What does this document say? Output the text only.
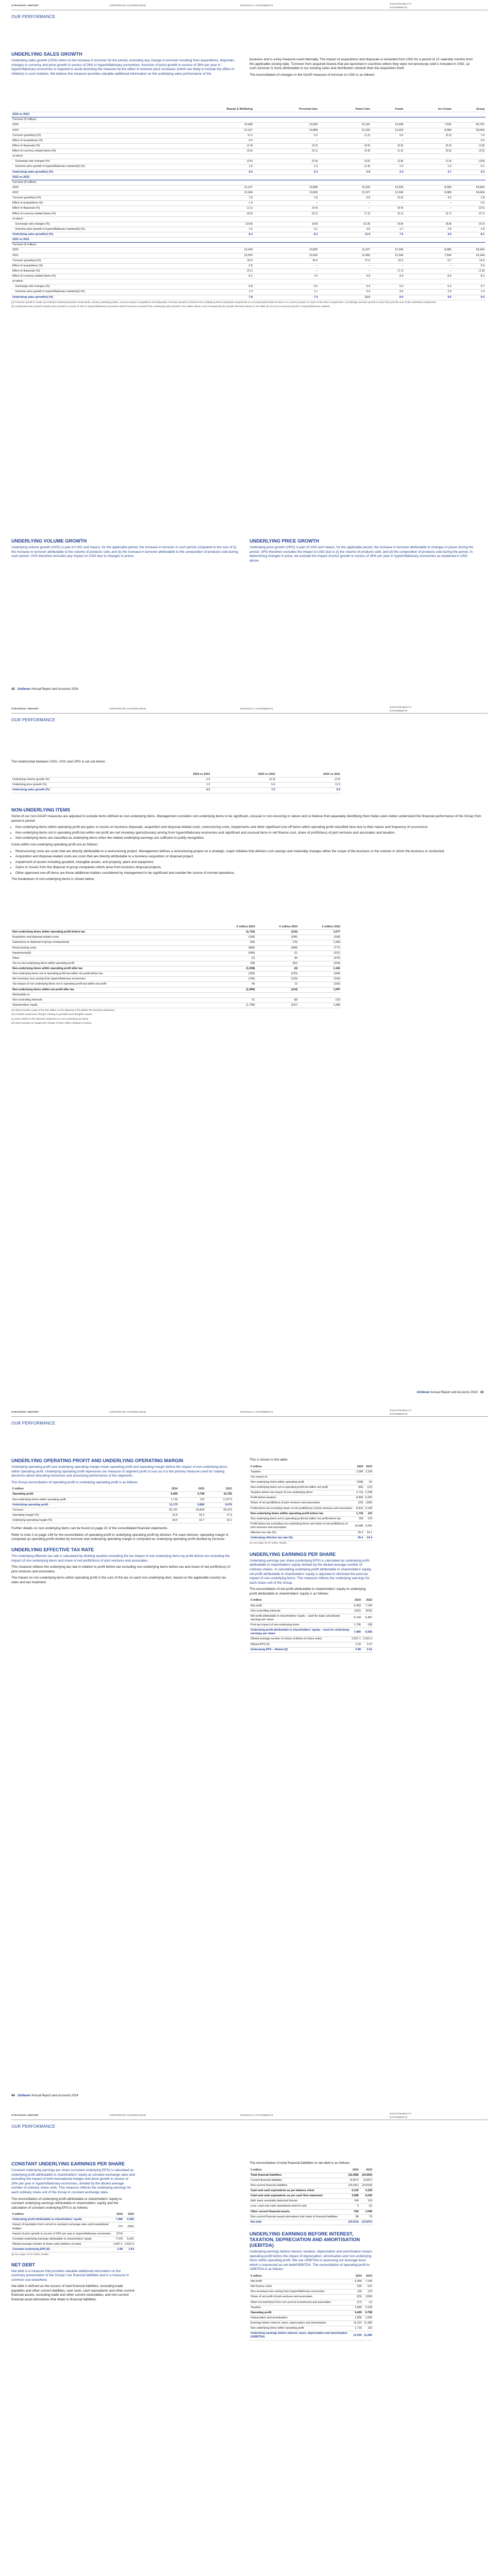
STRATEGIC REPORT	CORPORATE GOVERNANCE	FINANCIAL STATEMENTS
SUSTAINABILITY STATEMENTS
OUR PERFORMANCE
UNDERLYING SALES GROWTH

Underlying sales growth (USG) refers to the increase in turnover for the period, excluding any change in turnover resulting from acquisitions, disposals, changes in currency and price growth in excess of 26% in hyperinflationary economies. Inclusion of price growth in excess of 26% per year in hyperinflationary economies is required to avoid distorting the measure by the effect of extreme price increases (which are likely to include the effect of inflation) in such markets. We believe this measure provides valuable additional information on the underlying sales performance of the

business and is a key measure used internally. The impact of acquisitions and disposals is excluded from USG for a period of 12 calendar months from the applicable closing date. Turnover from acquired brands that are launched in countries where they were not previously sold is included in USG, as such turnover is more attributable to our existing sales and distribution network than the acquisition itself.

The reconciliation of changes in the GAAP measure of turnover to USG is as follows:

	Beauty & Wellbeing	Personal Care	Home Care	Foods	Ice Cream	Group
2024 vs 2023						
Turnover (€ million)						
2024	13,468	13,829	12,181	13,208	7,925	60,761
2023	12,107	13,808	12,333	13,203	8,083	59,604
Turnover growth(a) (%)	11.2	0.2	(1.2)	0.0	(2.0)	1.9
Effect of acquisitions (%)	0.0	–	–	–	–	0.0
Effect of disposals (%)	(1.4)	(0.3)	(0.9)	(0.9)	(0.3)	(1.8)
Effect of currency-related items (%)	(0.6)	(5.1)	(4.4)	(1.6)	(0.6)	(3.5)
of which:						
Exchange rate changes (%)	(2.6)	(5.9)	(3.6)	(2.8)	(1.9)	(3.8)
Extreme price growth in hyperinflationary markets(b) (%)	1.6	1.3	(1.4)	1.5	1.6	0.1
Underlying sales growth(c) (%)	6.5	5.3	2.9	3.4	3.7	4.2
2023 vs 2022						
Turnover (€ million)						
2023	12,107	13,808	12,333	13,203	8,083	59,604
2022	12,049	13,835	12,227	12,345	8,080	59,604
Turnover growth(a) (%)	1.8	1.8	0.9	(0.6)	4.2	1.8
Effect of acquisitions (%)	1.4	–	–	–	–	0.6
Effect of disposals (%)	(1.1)	(0.4)	–	(6.4)	–	(2.5)
Effect of currency-related items (%)	(6.0)	(9.1)	(7.2)	(5.1)	(2.7)	(5.7)
of which:						
Exchange rate changes (%)	(10.8)	(8.8)	(11.8)	(6.8)	(5.8)	(9.2)
Extreme price growth in hyperinflationary markets(b) (%)	1.5	3.1	3.6	1.7	2.8	2.8
Underlying sales growth(c) (%)	8.3	8.3	11.9	7.5	4.4	8.1
2022 vs 2021						
Turnover (€ million)						
2022	12,049	13,835	12,227	12,345	8,080	59,604
2021	12,053	13,626	12,460	12,349	7,504	52,444
Turnover growth(a) (%)	20.0	16.0	17.0	16.2	9.7	14.5
Effect of acquisitions (%)	2.8	–	–	–	–	0.6
Effect of disposals (%)	(0.1)	–	–	(7.1)	–	(1.8)
Effect of currency-related items (%)	8.1	7.6	6.9	9.4	8.4	8.1
of which:						
Exchange rate changes (%)	6.8	6.5	6.4	5.6	6.2	6.7
Extreme price growth in hyperinflationary markets(b) (%)	1.3	1.1	0.4	3.5	2.0	1.4
Underlying sales growth(c) (%)	7.8	7.9	11.6	8.4	9.6	9.0
(a) Turnover growth is made up of distinct individual growth components, namely underlying sales, currency impact, acquisitions and disposals. Turnover growth is arrived at by multiplying these individual components on a compounded basis as there is a currency impact on each of the other components. Accordingly, turnover growth is more than just the sum of the individual components.
(b) Underlying sales growth includes price growth in excess of 26% in hyperinflationary economies which has been excluded from underlying sales growth in the tables above, and consequently the growth elements shown in the table do not sum to turnover growth in hyperinflationary markets.
UNDERLYING VOLUME GROWTH

Underlying volume growth (UVG) is part of USG and means, for the applicable period, the increase in turnover in such period compared to the sum of (i) the increase in turnover attributable to the volume of products sold; and (ii) the increase in turnover attributable to the composition of products sold during such period. UVG therefore excludes any impact on USG due to changes in prices.

UNDERLYING PRICE GROWTH

Underlying price growth (UPG) is part of USG and means, for the applicable period, the increase in turnover attributable to changes in prices during the period. UPG therefore excludes the impact to USG due to (i) the volume of products sold; and (ii) the composition of products sold during the period. In determining changes in price, we exclude the impact of price growth in excess of 26% per year in hyperinflationary economies as explained in USG above.

42 Unilever Annual Report and Accounts 2024
STRATEGIC REPORT	CORPORATE GOVERNANCE	FINANCIAL STATEMENTS
SUSTAINABILITY STATEMENTS
OUR PERFORMANCE

The relationship between USG, UVG and UPG is set out below:

	2024 vs 2023	2023 vs 2022	2022 vs 2021
Underlying volume growth (%)	2.9	(2.3)	(2.5)
Underlying price growth (%)	1.3	6.6	11.3
Underlying sales growth (%)	4.2	7.0	9.0
NON-UNDERLYING ITEMS

Some of our non-GAAP measures are adjusted to exclude items defined as non-underlying items. Management considers non-underlying items to be significant, unusual or non-recurring in nature and so believe that separately identifying them helps users better understand the financial performance of the Group from period to period:

• Non-underlying items within operating profit are gains or losses on business disposals, acquisition and disposal-related costs, restructuring costs, impairments and other significant one-off items within operating profit classified here due to their nature and frequency of occurrence.
• Non-underlying items not in operating profit but within net profit are net monetary gains/(losses) arising from hyperinflationary economies and significant and unusual items in net finance cost, share of profit/(loss) of joint ventures and associates and taxation.
• Non-underlying items are classified as underlying items when the related underlying earnings are sufficient to justify recognition.

Costs within non-underlying operating profit are as follows:

• Restructuring costs are costs that are directly attributable to a restructuring project. Management defines a restructuring project as a strategic, major initiative that delivers cost savings and materially changes either the scope of the business or the manner in which the business is conducted.
• Acquisition and disposal-related costs are costs that are directly attributable to a business acquisition or disposal project.
• Impairment of assets including goodwill, intangible assets, and property, plant and equipment.
• Gains or losses from the disposal of group companies which arise from business disposal projects.
• Other approved one-off items are those additional matters considered by management to be significant and outside the course of normal operations.

The breakdown of non-underlying items is shown below:

	€ million 2024	€ million 2023	€ million 2022
Non-underlying items within operating profit before tax	(1,716)	(110)	1,077
Acquisition and disposal-related costs	(148)	(245)	(198)
Gain/(loss) on disposal of group companies(a)	(46)	(75)	2,283
Restructuring costs	(889)	(499)	(777)
Impairments(b)	(558)	(1)	(221)
Other	(2)	90	(270)
Tax on non-underlying items within operating profit	208	(62)	(224)
Non-underlying items within operating profit after tax	(1,508)	(4)	1,181
Non-underlying items not in operating profit but within net profit before tax	(156)	(123)	(184)
Net monetary loss arising from hyperinflationary economies	(156)	(123)	(104)
Tax impact of non-underlying items not in operating profit but within net profit	66	13	(100)
Non-underlying items within net profit after tax	(1,596)	(114)	1,097
Attributable to:			
Non-controlling interests	21	(8)	(19)
Shareholders' equity	(1,798)	(167)	1,085
(a) 2022 includes a gain of €2,283 million on the disposal of the global Tea business (ekaterra).
(b) Includes impairment charges relating to goodwill and intangible assets.
(c) 2022 relates to the statutory statement on non-underlying tax items.
(d) 2024 includes an impairment charge of €101 million relating to Russia.
Unilever Annual Report and Accounts 2024 43
STRATEGIC REPORT	CORPORATE GOVERNANCE	FINANCIAL STATEMENTS
SUSTAINABILITY STATEMENTS
OUR PERFORMANCE
UNDERLYING OPERATING PROFIT AND UNDERLYING OPERATING MARGIN

Underlying operating profit and underlying operating margin mean operating profit and operating margin before the impact of non-underlying items within operating profit. Underlying operating profit represents our measure of segment profit or loss as it is the primary measure used for making decisions about allocating resources and assessing performance of the segments.

The Group reconciliation of operating profit to underlying operating profit is as follows:

€ million	2024	2023	2022
Operating profit	9,459	9,758	10,755
Non-underlying items within operating profit	1,716	110	(1,077)
Underlying operating profit	11,175	9,868	9,678
Turnover	60,761	59,604	60,073
Operating margin (%)	15.6	16.4	17.9
Underlying operating margin (%)	18.4	16.7	16.1

Further details on non-underlying items can be found on page 22 of the consolidated financial statements.

Refer to note 2 on page 146 for the reconciliation of operating profit to underlying operating profit by division. For each division, operating margin is computed as operating profit divided by turnover and underlying operating margin is computed as underlying operating profit divided by turnover.

UNDERLYING EFFECTIVE TAX RATE

The underlying effective tax rate is calculated by dividing taxation excluding the tax impact of non-underlying items by profit before tax excluding the impact of non-underlying items and share of net profit/(loss) of joint ventures and associates.

This measure reflects the underlying tax rate in relation to profit before tax excluding non-underlying items before tax and share of net profit/(loss) of joint ventures and associates.

The impact on non-underlying items within operating profit is the sum of the tax on each non-underlying item, based on the applicable country tax rates and tax treatment.

This is shown in the table:

€ million	2024	2023
Taxation	2,586	2,199
Tax impact of:		
Non-underlying items within operating profit	(208)	62
Non-underlying items not in operating profit but within net profit	(66)	(13)
Taxation before tax impact of non-underlying items	2,719	2,248
Profit before taxation	8,869	9,203
Share of net (profit)/loss of joint ventures and associates	(29)	(189)
Profit before tax excluding share of net profit/(loss) of joint ventures and associates	8,810	9,108
Non-underlying items within operating profit before tax	1,716	110
Non-underlying items not in operating profit but within net profit before tax	159	123
Profit before tax excluding non-underlying items and share of net profit/(loss) of joint ventures and associates	10,688	9,341
Effective tax rate (%)	29.3	24.1
Underlying effective tax rate (%)	25.4	24.4
(a) See page 63 for further details.
UNDERLYING EARNINGS PER SHARE

Underlying earnings per share (underlying EPS) is calculated as underlying profit attributable to shareholders' equity divided by the diluted average number of ordinary shares. In calculating underlying profit attributable to shareholders' equity, net profit attributable to shareholders' equity is adjusted to eliminate the post-tax impact of non-underlying items. This measure reflects the underlying earnings for each share unit of the Group.

The reconciliation of net profit attributable to shareholders' equity to underlying profit attributable to shareholders' equity is as follows:

€ million	2024	2023
Net profit	6,369	7,140
Non-controlling interests	(625)	(653)
Net profit attributable to shareholders' equity – used for basic and diluted earnings per share	5,744	6,487
Post-tax impact of non-underlying items	1,796	108
Underlying profit attributable to shareholders' equity – used for underlying earnings per share	7,480	6,595
Diluted average number of shares (millions of share units)	2,507.1	2,522.3
Diluted EPS (€)	2,29	2.57
Underlying EPS – diluted (€)	2.98	2.61
44 Unilever Annual Report and Accounts 2024
STRATEGIC REPORT	CORPORATE GOVERNANCE	FINANCIAL STATEMENTS
SUSTAINABILITY STATEMENTS
OUR PERFORMANCE
CONSTANT UNDERLYING EARNINGS PER SHARE

Constant underlying earnings per share (constant underlying EPS) is calculated as underlying profit attributable to shareholders' equity at constant exchange rates and excluding the impact of both translational hedges and price growth in excess of 26% per year in hyperinflationary economies, divided by the diluted average number of ordinary share units. This measure reflects the underlying earnings for each ordinary share unit of the Group in constant exchange rates.

The reconciliation of underlying profit attributable to shareholders' equity to constant underlying earnings attributable to shareholders' equity and the calculation of constant underlying EPS is as follows:

€ million	2024	2023
Underlying profit attributable to shareholders' equity	7,480	6,595
Impact of translation from current to constant exchange rates and translational hedges	272	(900)
Impact of price growth in excess of 26% per year in hyperinflationary economies	(274)	–
Constant underlying earnings attributable to shareholders' equity	7,478	6,641
Diluted average number of share units (millions of units)	2,507.1	2,522.3
Constant underlying EPS (€)	2.98	2.63
(a) See page 43 for further details.
NET DEBT

Net debt is a measure that provides valuable additional information on the summary presentation of the Group's net financial liabilities and is a measure in common use elsewhere.

Net debt is defined as the excess of total financial liabilities, excluding trade payables and other current liabilities, over cash, cash equivalents and other current financial assets, excluding trade and other current receivables, and non-current financial asset derivatives that relate to financial liabilities.

The reconciliation of total financial liabilities to net debt is as follows:

€ million	2024	2023
Total financial liabilities	(32,998)	(29,660)
Current financial liabilities	(4,907)	(5,957)
Non-current financial liabilities	(24,091)	(23,693)
Cash and cash equivalents as per balance sheet	6,136	4,159
Cash and cash equivalents as per cash flow statement	5,996	4,040
Add: bank overdrafts deducted therein	140	119
Less: cash and cash equivalents held for sale	0	(2)
Other current financial assets	918	1,046
Non-current financial assets derivatives that relate to financial liabilities	86	76
Net debt	(24,510)	(23,657)
UNDERLYING EARNINGS BEFORE INTEREST, TAXATION, DEPRECIATION AND AMORTISATION (UEBITDA)

Underlying earnings before interest, taxation, depreciation and amortisation means operating profit before the impact of depreciation, amortisation and non-underlying items within operating profit. We use UEBITDA in assessing our leverage level, which is expressed as net debt/UEBITDA. The reconciliation of operating profit to UEBITDA is as follows:

€ million	2024	2023
Net profit	6,369	7,140
Net finance costs	590	547
Non-monetary loss arising from hyperinflationary economies	156	123
Share of net profit of joint ventures and associates	(53)	(189)
Other income/(loss) from non-current investments and associates	(17)	(1)
Taxation	2,586	2,199
Operating profit	9,459	9,758
Depreciation and amortisation	1,856	1,669
Earnings before interest, taxes, depreciation and amortisation	11,314	11,396
Non-underlying items within operating profit	1,716	110
Underlying earnings before interest, taxes, depreciation and amortisation (UEBITDA)	13,030	11,566
